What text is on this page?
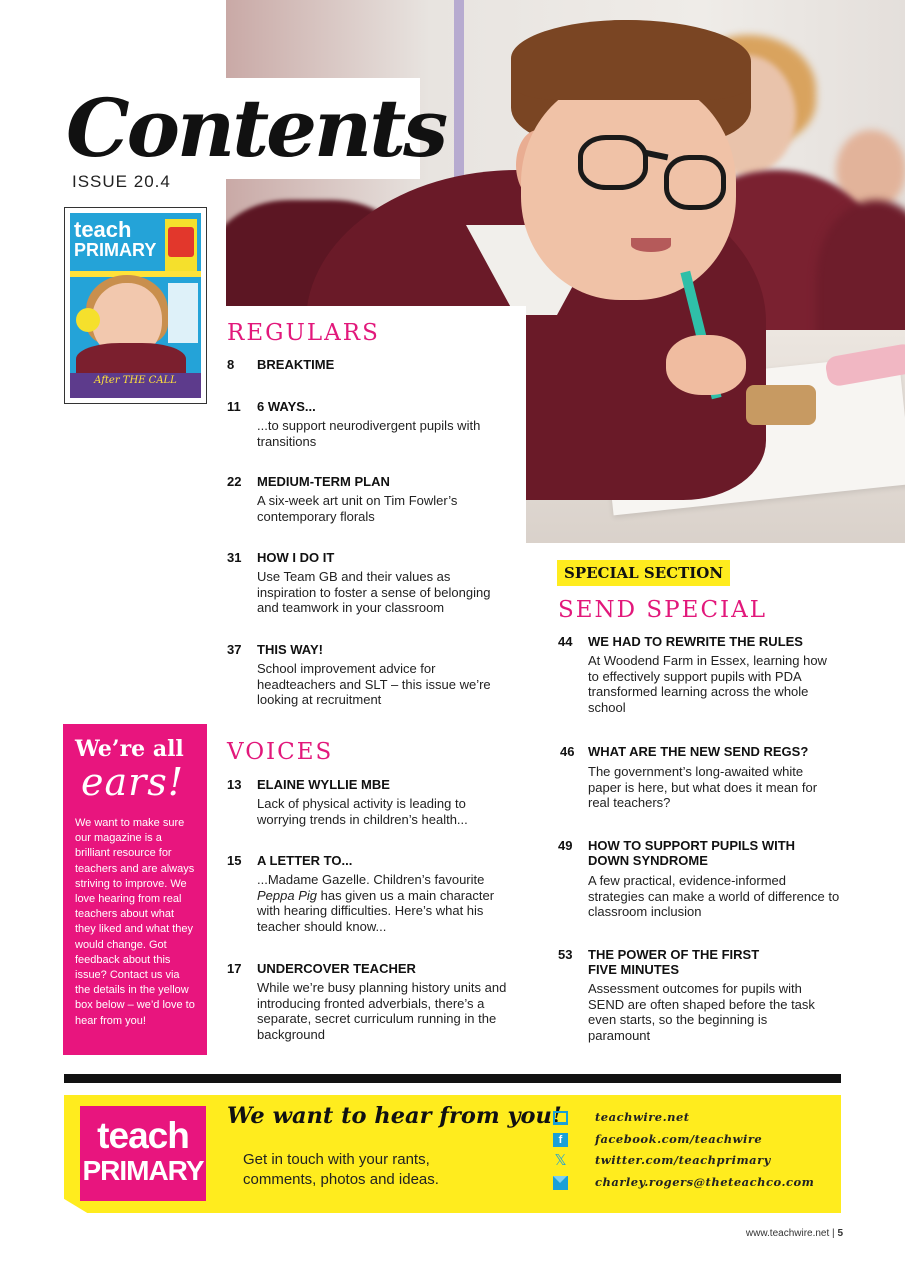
Contents
ISSUE 20.4
teach
PRIMARY
After THE CALL
REGULARS
8 BREAKTIME
11 6 WAYS...
...to support neurodivergent pupils with transitions
22 MEDIUM-TERM PLAN
A six-week art unit on Tim Fowler’s contemporary florals
31 HOW I DO IT
Use Team GB and their values as inspiration to foster a sense of belonging and teamwork in your classroom
37 THIS WAY!
School improvement advice for headteachers and SLT – this issue we’re looking at recruitment
We’re all
ears!
We want to make sure our magazine is a brilliant resource for teachers and are always striving to improve. We love hearing from real teachers about what they liked and what they would change. Got feedback about this issue? Contact us via the details in the yellow box below – we’d love to hear from you!
VOICES
13 ELAINE WYLLIE MBE
Lack of physical activity is leading to worrying trends in children’s health...
15 A LETTER TO...
...Madame Gazelle. Children’s favourite Peppa Pig has given us a main character with hearing difficulties. Here’s what his teacher should know...
17 UNDERCOVER TEACHER
While we’re busy planning history units and introducing fronted adverbials, there’s a separate, secret curriculum running in the background
SPECIAL SECTION
SEND SPECIAL
44 WE HAD TO REWRITE THE RULES
At Woodend Farm in Essex, learning how to effectively support pupils with PDA transformed learning across the whole school
46 WHAT ARE THE NEW SEND REGS?
The government’s long-awaited white paper is here, but what does it mean for real teachers?
49 HOW TO SUPPORT PUPILS WITH DOWN SYNDROME
A few practical, evidence-informed strategies can make a world of difference to classroom inclusion
53 THE POWER OF THE FIRST FIVE MINUTES
Assessment outcomes for pupils with SEND are often shaped before the task even starts, so the beginning is paramount
teach
PRIMARY
We want to hear from you!
Get in touch with your rants, comments, photos and ideas.
teachwire.net
f	facebook.com/teachwire
𝕏 twitter.com/teachprimary
charley.rogers@theteachco.com
www.teachwire.net | 5
